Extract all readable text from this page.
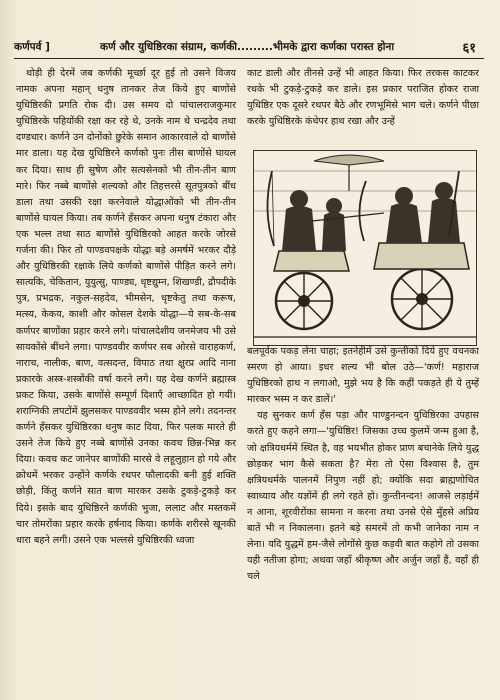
कर्णपर्व ]	कर्ण और युधिष्ठिरका संग्राम, कर्णकी.........भीमके द्वारा कर्णका परास्त होना	६१

थोड़ी ही देरमें जब कर्णकी मूर्च्छा दूर हुई तो उसने विजय नामक अपना महान् धनुष तानकर तेज किये हुए बाणोंसे युधिष्ठिरकी प्रगति रोक दी। उस समय दो पांचालराजकुमार युधिष्ठिरके पहियोंकी रक्षा कर रहे थे, उनके नाम थे चन्द्रदेव तथा दण्डधार। कर्णने उन दोनोंको छुरेके समान आकारवाले दो बाणोंसे मार डाला। यह देख युधिष्ठिरने कर्णको पुनः तीस बाणोंसे घायल कर दिया। साथ ही सुषेण और सत्यसेनको भी तीन-तीन बाण मारे। फिर नब्बे बाणोंसे शल्यको और तिहत्तरसे सूतपुत्रको बींध डाला तथा उसकी रक्षा करनेवाले योद्धाओंको भी तीन-तीन बाणोंसे घायल किया। तब कर्णने हँसकर अपना धनुष टंकारा और एक भल्ल तथा साठ बाणोंसे युधिष्ठिरको आहत करके जोरसे गर्जना की। फिर तो पाण्डवपक्षके योद्धा बड़े अमर्षमें भरकर दौड़े और युधिष्ठिरकी रक्षाके लिये कर्णको बाणोंसे पीड़ित करने लगे। सात्यकि, चेकितान, युयुत्सु, पाण्ड्य, धृष्टद्युम्न, शिखण्डी, द्रौपदीके पुत्र, प्रभद्रक, नकुल-सहदेव, भीमसेन, धृष्टकेतु तथा करूष, मत्स्य, केकय, काशी और कोसल देशके योद्धा—ये सब-के-सब कर्णपर बाणोंका प्रहार करने लगे। पांचालदेशीय जनमेजय भी उसे सायकोंसे बींधने लगा। पाण्डववीर कर्णपर सब ओरसे वाराहकर्ण, नाराच, नालीक, बाण, वत्सदन्त, विपाठ तथा क्षुरप्र आदि नाना प्रकारके अस्त्र-शस्त्रोंकी वर्षा करने लगे। यह देख कर्णने ब्रह्मास्त्र प्रकट किया, उसके बाणोंसे सम्पूर्ण दिशाएँ आच्छादित हो गयीं। शराग्निकी लपटोंमें झुलसकर पाण्डववीर भस्म होने लगे। तदनन्तर कर्णने हँसकर युधिष्ठिरका धनुष काट दिया, फिर पलक मारते ही उसने तेज किये हुए नब्बे बाणोंसे उनका कवच छिन्न-भिन्न कर दिया। कवच कट जानेपर बाणोंकी मारसे वे लहूलुहान हो गये और क्रोधमें भरकर उन्होंने कर्णके रथपर फौलादकी बनी हुई शक्ति छोड़ी, किंतु कर्णने सात बाण मारकर उसके टुकड़े-टुकड़े कर दिये। इसके बाद युधिष्ठिरने कर्णकी भुजा, ललाट और मस्तकमें चार तोमरोंका प्रहार करके हर्षनाद किया। कर्णके शरीरसे खूनकी धारा बहने लगी। उसने एक भल्लसे युधिष्ठिरकी ध्वजा

काट डाली और तीनसे उन्हें भी आहत किया। फिर तरकस काटकर रथके भी टुकड़े-टुकड़े कर डाले। इस प्रकार पराजित होकर राजा युधिष्ठिर एक दूसरे रथपर बैठे और रणभूमिसे भाग चले। कर्णने पीछा करके युधिष्ठिरके कंधेपर हाथ रखा और उन्हें

बलपूर्वक पकड़ लेना चाहा; इतनेहीमें उसे कुन्तीको दिये हुए वचनका स्मरण हो आया। इधर शल्य भी बोल उठे—'कर्ण! महाराज युधिष्ठिरको हाथ न लगाओ, मुझे भय है कि कहीं पकड़ते ही ये तुम्हें मारकर भस्म न कर डालें।'

यह सुनकर कर्ण हँस पड़ा और पाण्डुनन्दन युधिष्ठिरका उपहास करते हुए कहने लगा—'युधिष्ठिर! जिसका उच्च कुलमें जन्म हुआ है, जो क्षत्रियधर्ममें स्थित है, वह भयभीत होकर प्राण बचानेके लिये युद्ध छोड़कर भाग कैसे सकता है? मेरा तो ऐसा विश्वास है, तुम क्षत्रियधर्मके पालनमें निपुण नहीं हो; क्योंकि सदा ब्राह्मणोचित स्वाध्याय और यज्ञोंमें ही लगे रहते हो। कुन्तीनन्दन! आजसे लड़ाईमें न आना, शूरवीरोंका सामना न करना तथा उनसे ऐसे मुँहसे अप्रिय बातें भी न निकालना। इतने बड़े समरमें तो कभी जानेका नाम न लेना। यदि युद्धमें हम-जैसे लोगोंसे कुछ कड़वी बात कहोगे तो उसका यही नतीजा होगा; अथवा जहाँ श्रीकृष्ण और अर्जुन जहाँ हैं, वहाँ ही चले
